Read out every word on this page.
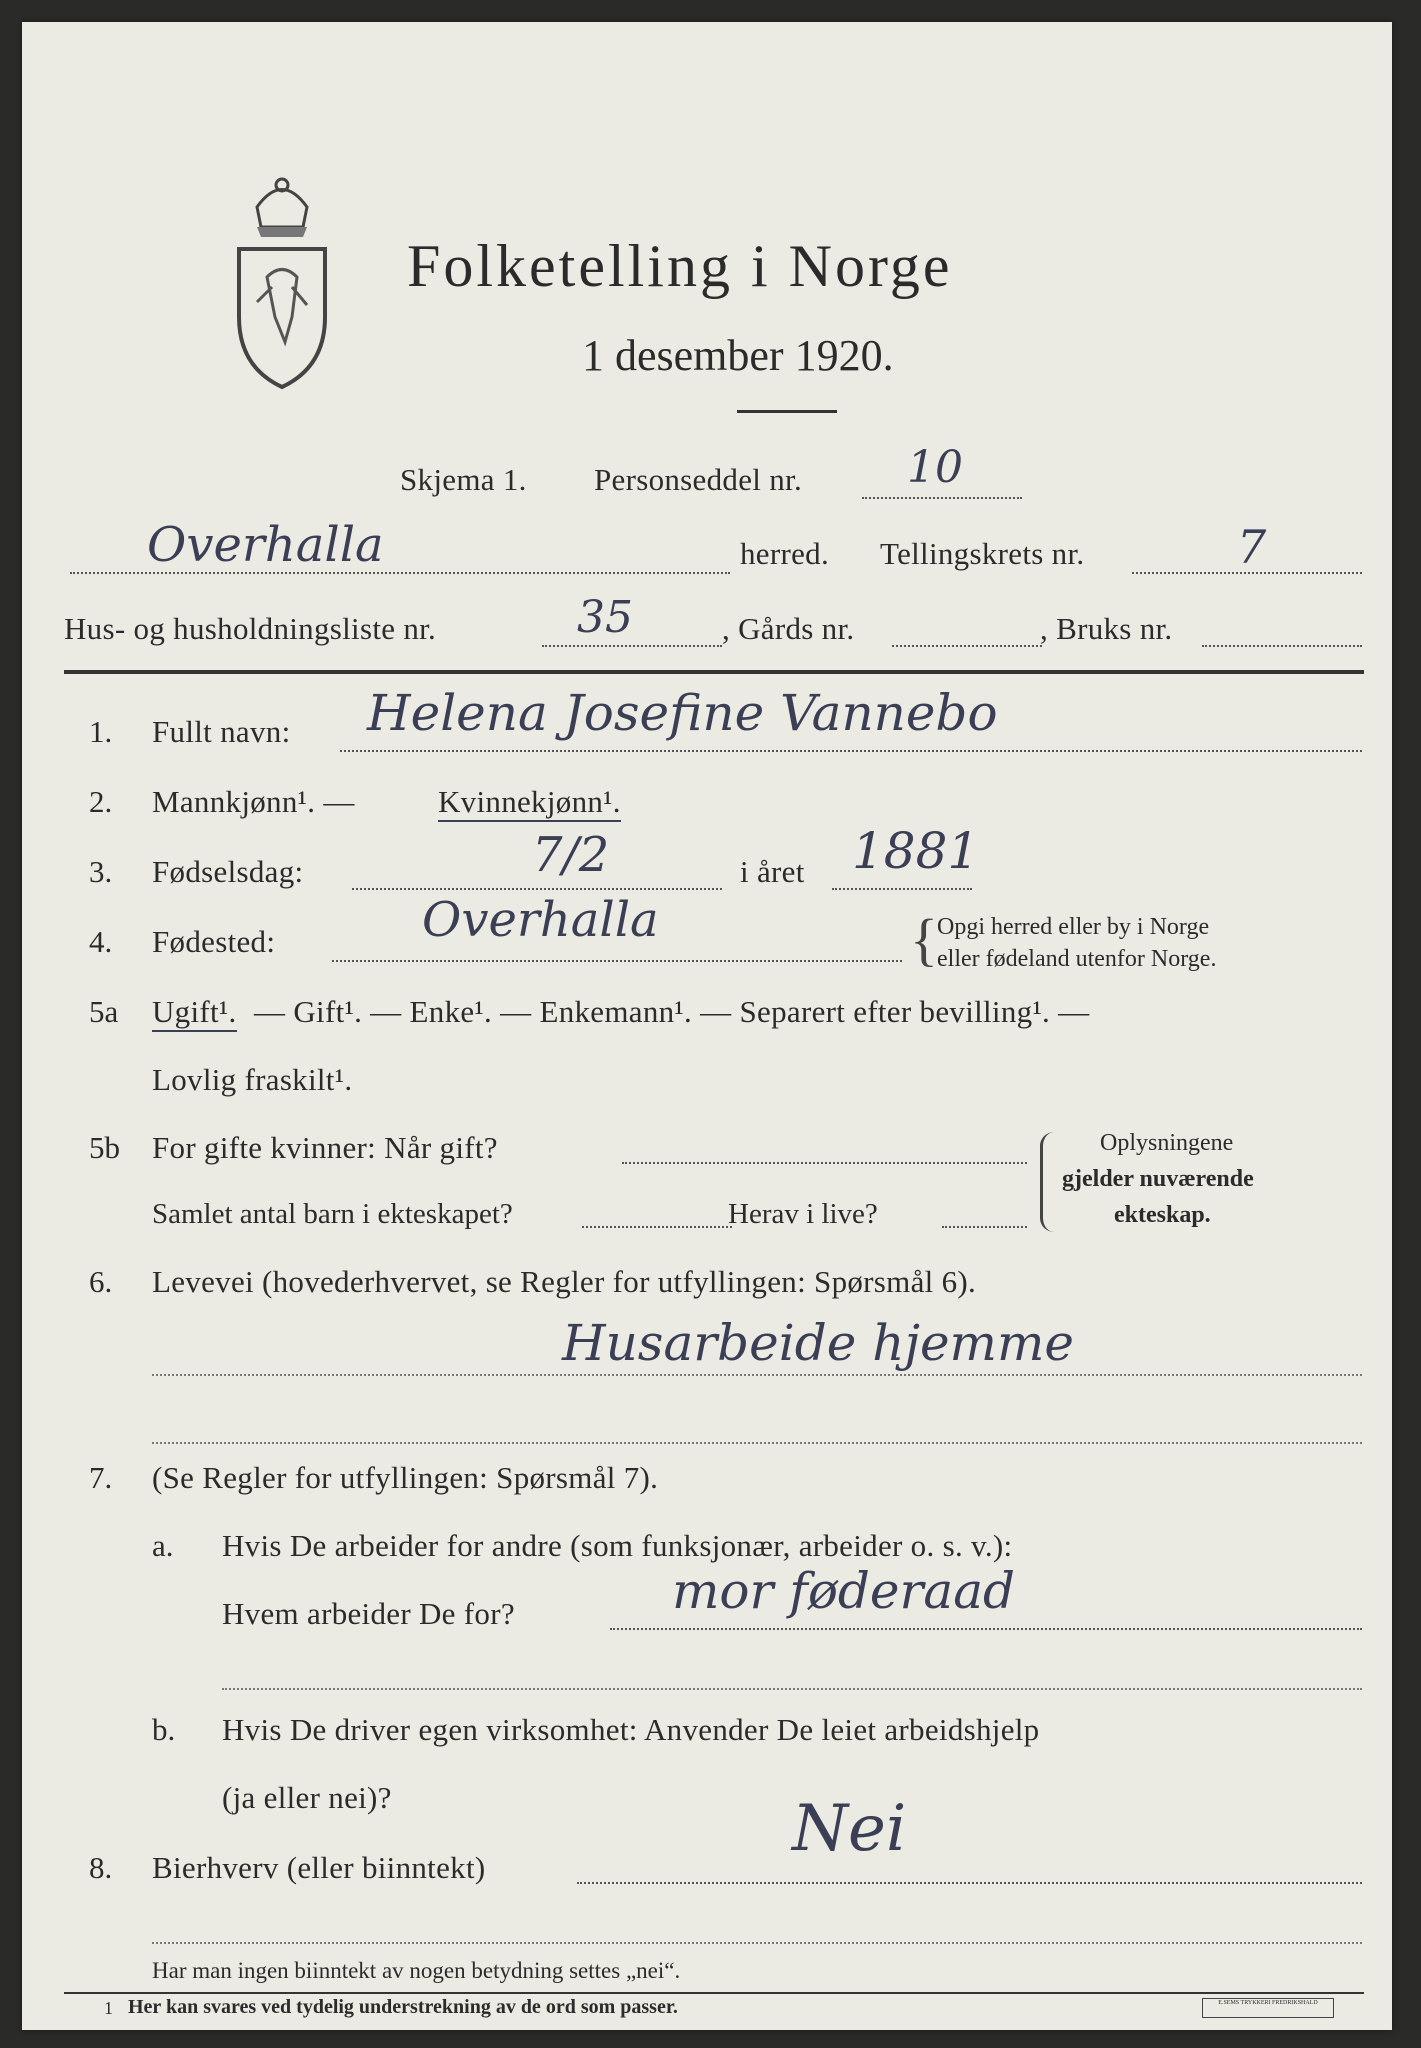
Folketelling i Norge
1 desember 1920.
Skjema 1. Personseddel nr. 10
Overhalla	herred. Tellingskrets nr.	7
Hus- og husholdningsliste nr.	35	, Gårds nr.	, Bruks nr.
1. Fullt navn: Helena Josefine Vannebo
2. Mannkjønn¹. —	Kvinnekjønn¹.
3. Fødselsdag:	7/2	i året 1881
4. Fødested:	Overhalla	{ Opgi herred eller by i Norge
eller fødeland utenfor Norge.
5a Ugift¹. — Gift¹. — Enke¹. — Enkemann¹. — Separert efter bevilling¹. —
Lovlig fraskilt¹.
5b For gifte kvinner: Når gift?
Samlet antal barn i ekteskapet?	Herav i live?
Oplysningene
gjelder nuværende
ekteskap.
6. Levevei (hovederhvervet, se Regler for utfyllingen: Spørsmål 6).
Husarbeide hjemme
7. (Se Regler for utfyllingen: Spørsmål 7).
a. Hvis De arbeider for andre (som funksjonær, arbeider o. s. v.):
Hvem arbeider De for?	mor føderaad
b. Hvis De driver egen virksomhet: Anvender De leiet arbeidshjelp
(ja eller nei)?
8. Bierhverv (eller biinntekt)
Nei
Har man ingen biinntekt av nogen betydning settes „nei“.
1 Her kan svares ved tydelig understrekning av de ord som passer.	E.SEMS TRYKKERI FREDRIKSHALD
